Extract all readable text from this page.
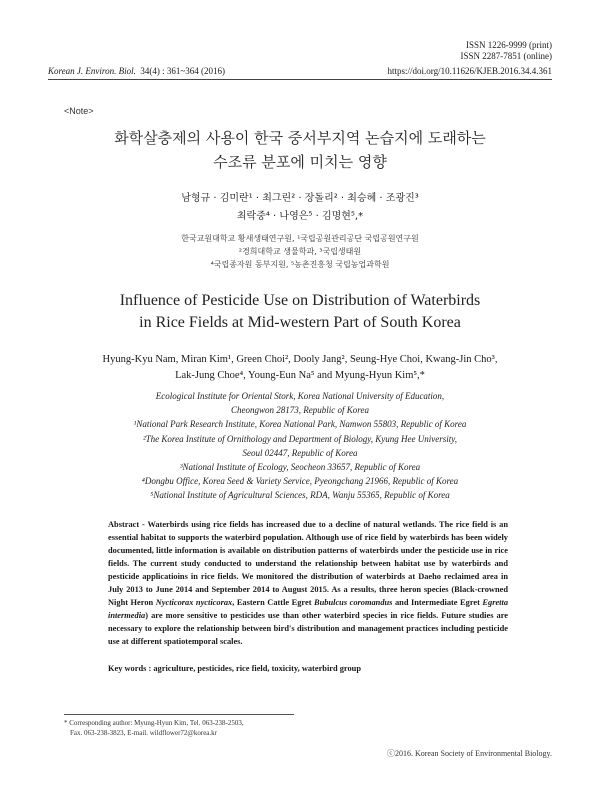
ISSN 1226-9999 (print)
ISSN 2287-7851 (online)
Korean J. Environ. Biol. 34(4) : 361~364 (2016)	https://doi.org/10.11626/KJEB.2016.34.4.361
<Note>
화학살충제의 사용이 한국 중서부지역 논습지에 도래하는
수조류 분포에 미치는 영향
남형규 · 김미란¹ · 최그린² · 장돌리² · 최승혜 · 조광진³
최락중⁴ · 나영은⁵ · 김명현⁵,*
한국교원대학교 황새생태연구원, ¹국립공원관리공단 국립공원연구원
²경희대학교 생물학과, ³국립생태원
⁴국립종자원 동부지원, ⁵농촌진흥청 국립농업과학원
Influence of Pesticide Use on Distribution of Waterbirds
in Rice Fields at Mid-western Part of South Korea
Hyung-Kyu Nam, Miran Kim¹, Green Choi², Dooly Jang², Seung-Hye Choi, Kwang-Jin Cho³,
Lak-Jung Choe⁴, Young-Eun Na⁵ and Myung-Hyun Kim⁵,*
Ecological Institute for Oriental Stork, Korea National University of Education,
Cheongwon 28173, Republic of Korea
¹National Park Research Institute, Korea National Park, Namwon 55803, Republic of Korea
²The Korea Institute of Ornithology and Department of Biology, Kyung Hee University,
Seoul 02447, Republic of Korea
³National Institute of Ecology, Seocheon 33657, Republic of Korea
⁴Dongbu Office, Korea Seed & Variety Service, Pyeongchang 21966, Republic of Korea
⁵National Institute of Agricultural Sciences, RDA, Wanju 55365, Republic of Korea
Abstract - Waterbirds using rice fields has increased due to a decline of natural wetlands. The rice field is an essential habitat to supports the waterbird population. Although use of rice field by waterbirds has been widely documented, little information is available on distribution patterns of waterbirds under the pesticide use in rice fields. The current study conducted to understand the relationship between habitat use by waterbirds and pesticide applicatioins in rice fields. We monitored the distribution of waterbirds at Daeho reclaimed area in July 2013 to June 2014 and September 2014 to August 2015. As a results, three heron species (Black-crowned Night Heron Nycticorax nycticorax, Eastern Cattle Egret Bubulcus coromandus and Intermediate Egret Egretta intermedia) are more sensitive to pesticides use than other waterbird species in rice fields. Future studies are necessary to explore the relationship between bird's distribution and management practices including pesticide use at different spatiotemporal scales.
Key words : agriculture, pesticides, rice field, toxicity, waterbird group
* Corresponding author: Myung-Hyun Kim, Tel. 063-238-2503,
Fax. 063-238-3823, E-mail. wildflower72@korea.kr
ⓒ2016. Korean Society of Environmental Biology.
